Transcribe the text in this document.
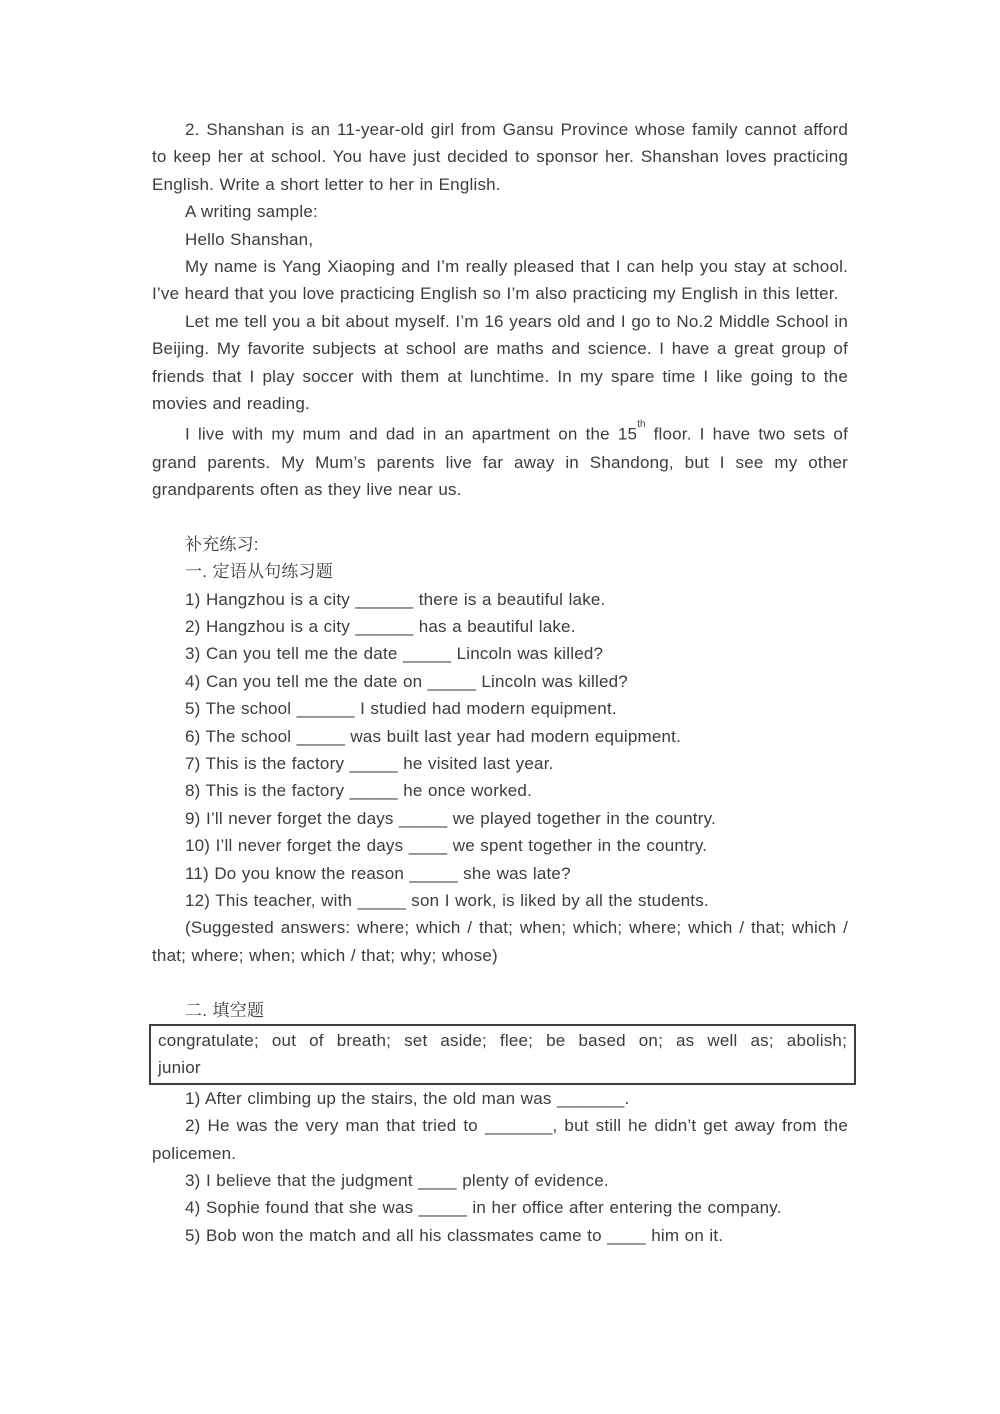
2. Shanshan is an 11-year-old girl from Gansu Province whose family cannot afford to keep her at school. You have just decided to sponsor her. Shanshan loves practicing English. Write a short letter to her in English.

A writing sample:

Hello Shanshan,

My name is Yang Xiaoping and I’m really pleased that I can help you stay at school. I’ve heard that you love practicing English so I’m also practicing my English in this letter.

Let me tell you a bit about myself. I’m 16 years old and I go to No.2 Middle School in Beijing. My favorite subjects at school are maths and science. I have a great group of friends that I play soccer with them at lunchtime. In my spare time I like going to the movies and reading.

I live with my mum and dad in an apartment on the 15th floor. I have two sets of grand parents. My Mum’s parents live far away in Shandong, but I see my other grandparents often as they live near us.

补充练习:

一. 定语从句练习题

1) Hangzhou is a city ______ there is a beautiful lake.

2) Hangzhou is a city ______ has a beautiful lake.

3) Can you tell me the date _____ Lincoln was killed?

4) Can you tell me the date on _____ Lincoln was killed?

5) The school ______ I studied had modern equipment.

6) The school _____ was built last year had modern equipment.

7) This is the factory _____ he visited last year.

8) This is the factory _____ he once worked.

9) I’ll never forget the days _____ we played together in the country.

10) I’ll never forget the days ____ we spent together in the country.

11) Do you know the reason _____ she was late?

12) This teacher, with _____ son I work, is liked by all the students.

(Suggested answers: where; which / that; when; which; where; which / that; which / that; where; when; which / that; why; whose)

二. 填空题

congratulate; out of breath; set aside; flee; be based on; as well as; abolish;
junior

1) After climbing up the stairs, the old man was _______.

2) He was the very man that tried to _______, but still he didn’t get away from the policemen.

3) I believe that the judgment ____ plenty of evidence.

4) Sophie found that she was _____ in her office after entering the company.

5) Bob won the match and all his classmates came to ____ him on it.
